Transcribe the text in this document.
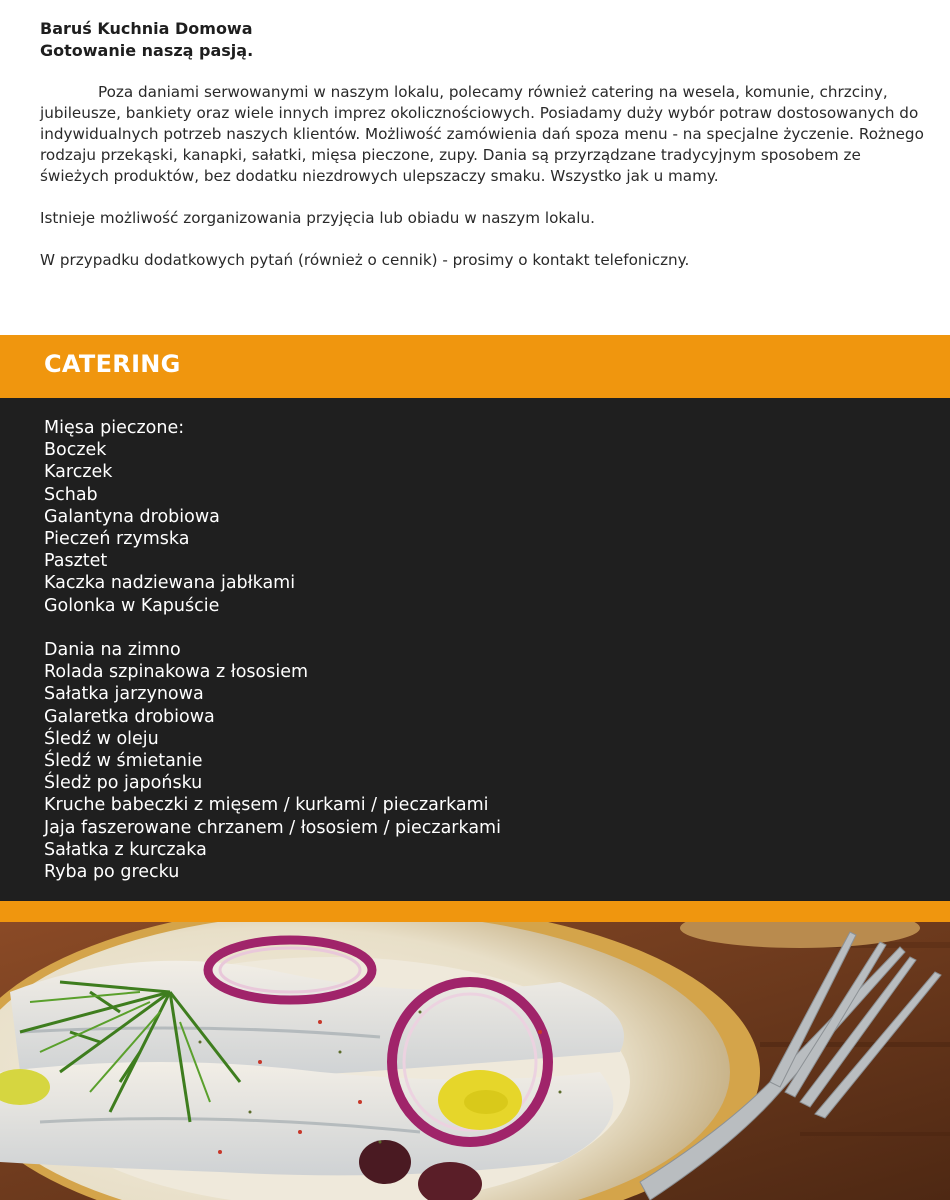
Baruś Kuchnia Domowa

Gotowanie naszą pasją.

Poza daniami serwowanymi w naszym lokalu, polecamy również catering na wesela, komunie, chrzciny, jubileusze, bankiety oraz wiele innych imprez okolicznościowych. Posiadamy duży wybór potraw dostosowanych do indywidualnych potrzeb naszych klientów. Możliwość zamówienia dań spoza menu - na specjalne życzenie. Rożnego rodzaju przekąski, kanapki, sałatki, mięsa pieczone, zupy. Dania są przyrządzane tradycyjnym sposobem ze świeżych produktów, bez dodatku niezdrowych ulepszaczy smaku. Wszystko jak u mamy.

Istnieje możliwość zorganizowania przyjęcia lub obiadu w naszym lokalu.

W przypadku dodatkowych pytań (również o cennik) - prosimy o kontakt telefoniczny.

CATERING
Mięsa pieczone:
Boczek
Karczek
Schab
Galantyna drobiowa
Pieczeń rzymska
Pasztet
Kaczka nadziewana jabłkami
Golonka w Kapuście
Dania na zimno
Rolada szpinakowa z łososiem
Sałatka jarzynowa
Galaretka drobiowa
Śledź w oleju
Śledź w śmietanie
Śledż po japońsku
Kruche babeczki z mięsem / kurkami / pieczarkami
Jaja faszerowane chrzanem / łososiem / pieczarkami
Sałatka z kurczaka
Ryba po grecku
